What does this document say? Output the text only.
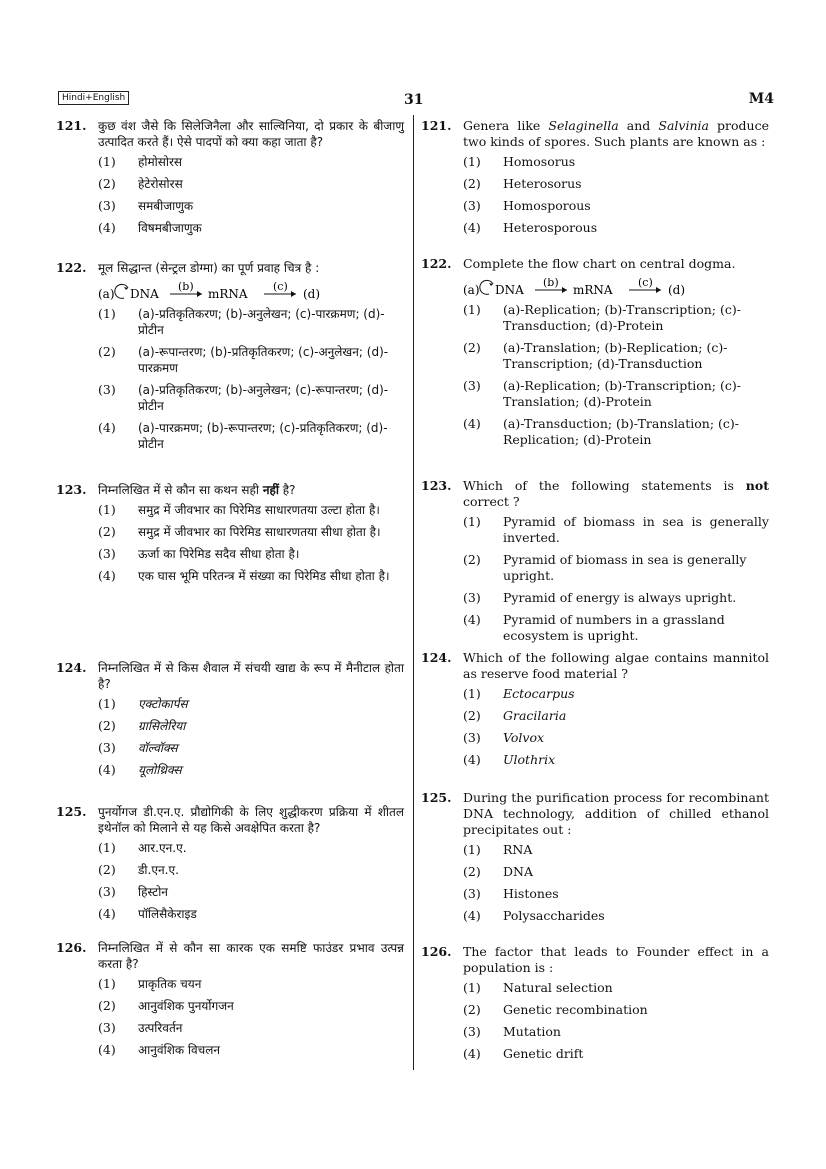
Hindi+English	31	M4
121. कुछ वंश जैसे कि सिलेजिनैला और साल्विनिया, दो प्रकार के बीजाणु उत्पादित करते हैं। ऐसे पादपों को क्या कहा जाता है?
(1)	होमोसोरस
(2)	हेटेरोसोरस
(3)	समबीजाणुक
(4)	विषमबीजाणुक
122. मूल सिद्धान्त (सेन्ट्रल डोग्मा) का पूर्ण प्रवाह चित्र है :
(a) DNA
(b)
mRNA
(c)
(d)
(1)	(a)-प्रतिकृतिकरण; (b)-अनुलेखन; (c)-पारक्रमण; (d)-प्रोटीन
(2)	(a)-रूपान्तरण; (b)-प्रतिकृतिकरण; (c)-अनुलेखन; (d)-पारक्रमण
(3)	(a)-प्रतिकृतिकरण; (b)-अनुलेखन; (c)-रूपान्तरण; (d)-प्रोटीन
(4)	(a)-पारक्रमण; (b)-रूपान्तरण; (c)-प्रतिकृतिकरण; (d)-प्रोटीन
123. निम्नलिखित में से कौन सा कथन सही नहीं है?
(1)	समुद्र में जीवभार का पिरेमिड साधारणतया उल्टा होता है।
(2)	समुद्र में जीवभार का पिरेमिड साधारणतया सीधा होता है।
(3)	ऊर्जा का पिरेमिड सदैव सीधा होता है।
(4)	एक घास भूमि परितन्त्र में संख्या का पिरेमिड सीधा होता है।
124. निम्नलिखित में से किस शैवाल में संचयी खाद्य के रूप में मैनीटाल होता है?
(1)	एक्टोकार्पस
(2)	ग्रासिलेरिया
(3)	वॉल्वॉक्स
(4)	यूलोथ्रिक्स
125. पुनर्योगज डी.एन.ए. प्रौद्योगिकी के लिए शुद्धीकरण प्रक्रिया में शीतल इथेनॉल को मिलाने से यह किसे अवक्षेपित करता है?
(1)	आर.एन.ए.
(2)	डी.एन.ए.
(3)	हिस्टोन
(4)	पॉलिसैकेराइड
126. निम्नलिखित में से कौन सा कारक एक समष्टि फाउंडर प्रभाव उत्पन्न करता है?
(1)	प्राकृतिक चयन
(2)	आनुवंशिक पुनर्योगजन
(3)	उत्परिवर्तन
(4)	आनुवंशिक विचलन
121. Genera like Selaginella and Salvinia produce two kinds of spores. Such plants are known as :
(1)	Homosorus
(2)	Heterosorus
(3)	Homosporous
(4)	Heterosporous
122. Complete the flow chart on central dogma.
(a) DNA
(b)
mRNA
(c)
(d)
(1)	(a)-Replication; (b)-Transcription; (c)-Transduction; (d)-Protein
(2)	(a)-Translation; (b)-Replication; (c)-Transcription; (d)-Transduction
(3)	(a)-Replication; (b)-Transcription; (c)-Translation; (d)-Protein
(4)	(a)-Transduction; (b)-Translation; (c)-Replication; (d)-Protein
123. Which of the following statements is not correct ?
(1)	Pyramid of biomass in sea is generally inverted.
(2)	Pyramid of biomass in sea is generally upright.
(3)	Pyramid of energy is always upright.
(4)	Pyramid of numbers in a grassland ecosystem is upright.
124. Which of the following algae contains mannitol as reserve food material ?
(1)	Ectocarpus
(2)	Gracilaria
(3)	Volvox
(4)	Ulothrix
125. During the purification process for recombinant DNA technology, addition of chilled ethanol precipitates out :
(1)	RNA
(2)	DNA
(3)	Histones
(4)	Polysaccharides
126. The factor that leads to Founder effect in a population is :
(1)	Natural selection
(2)	Genetic recombination
(3)	Mutation
(4)	Genetic drift
